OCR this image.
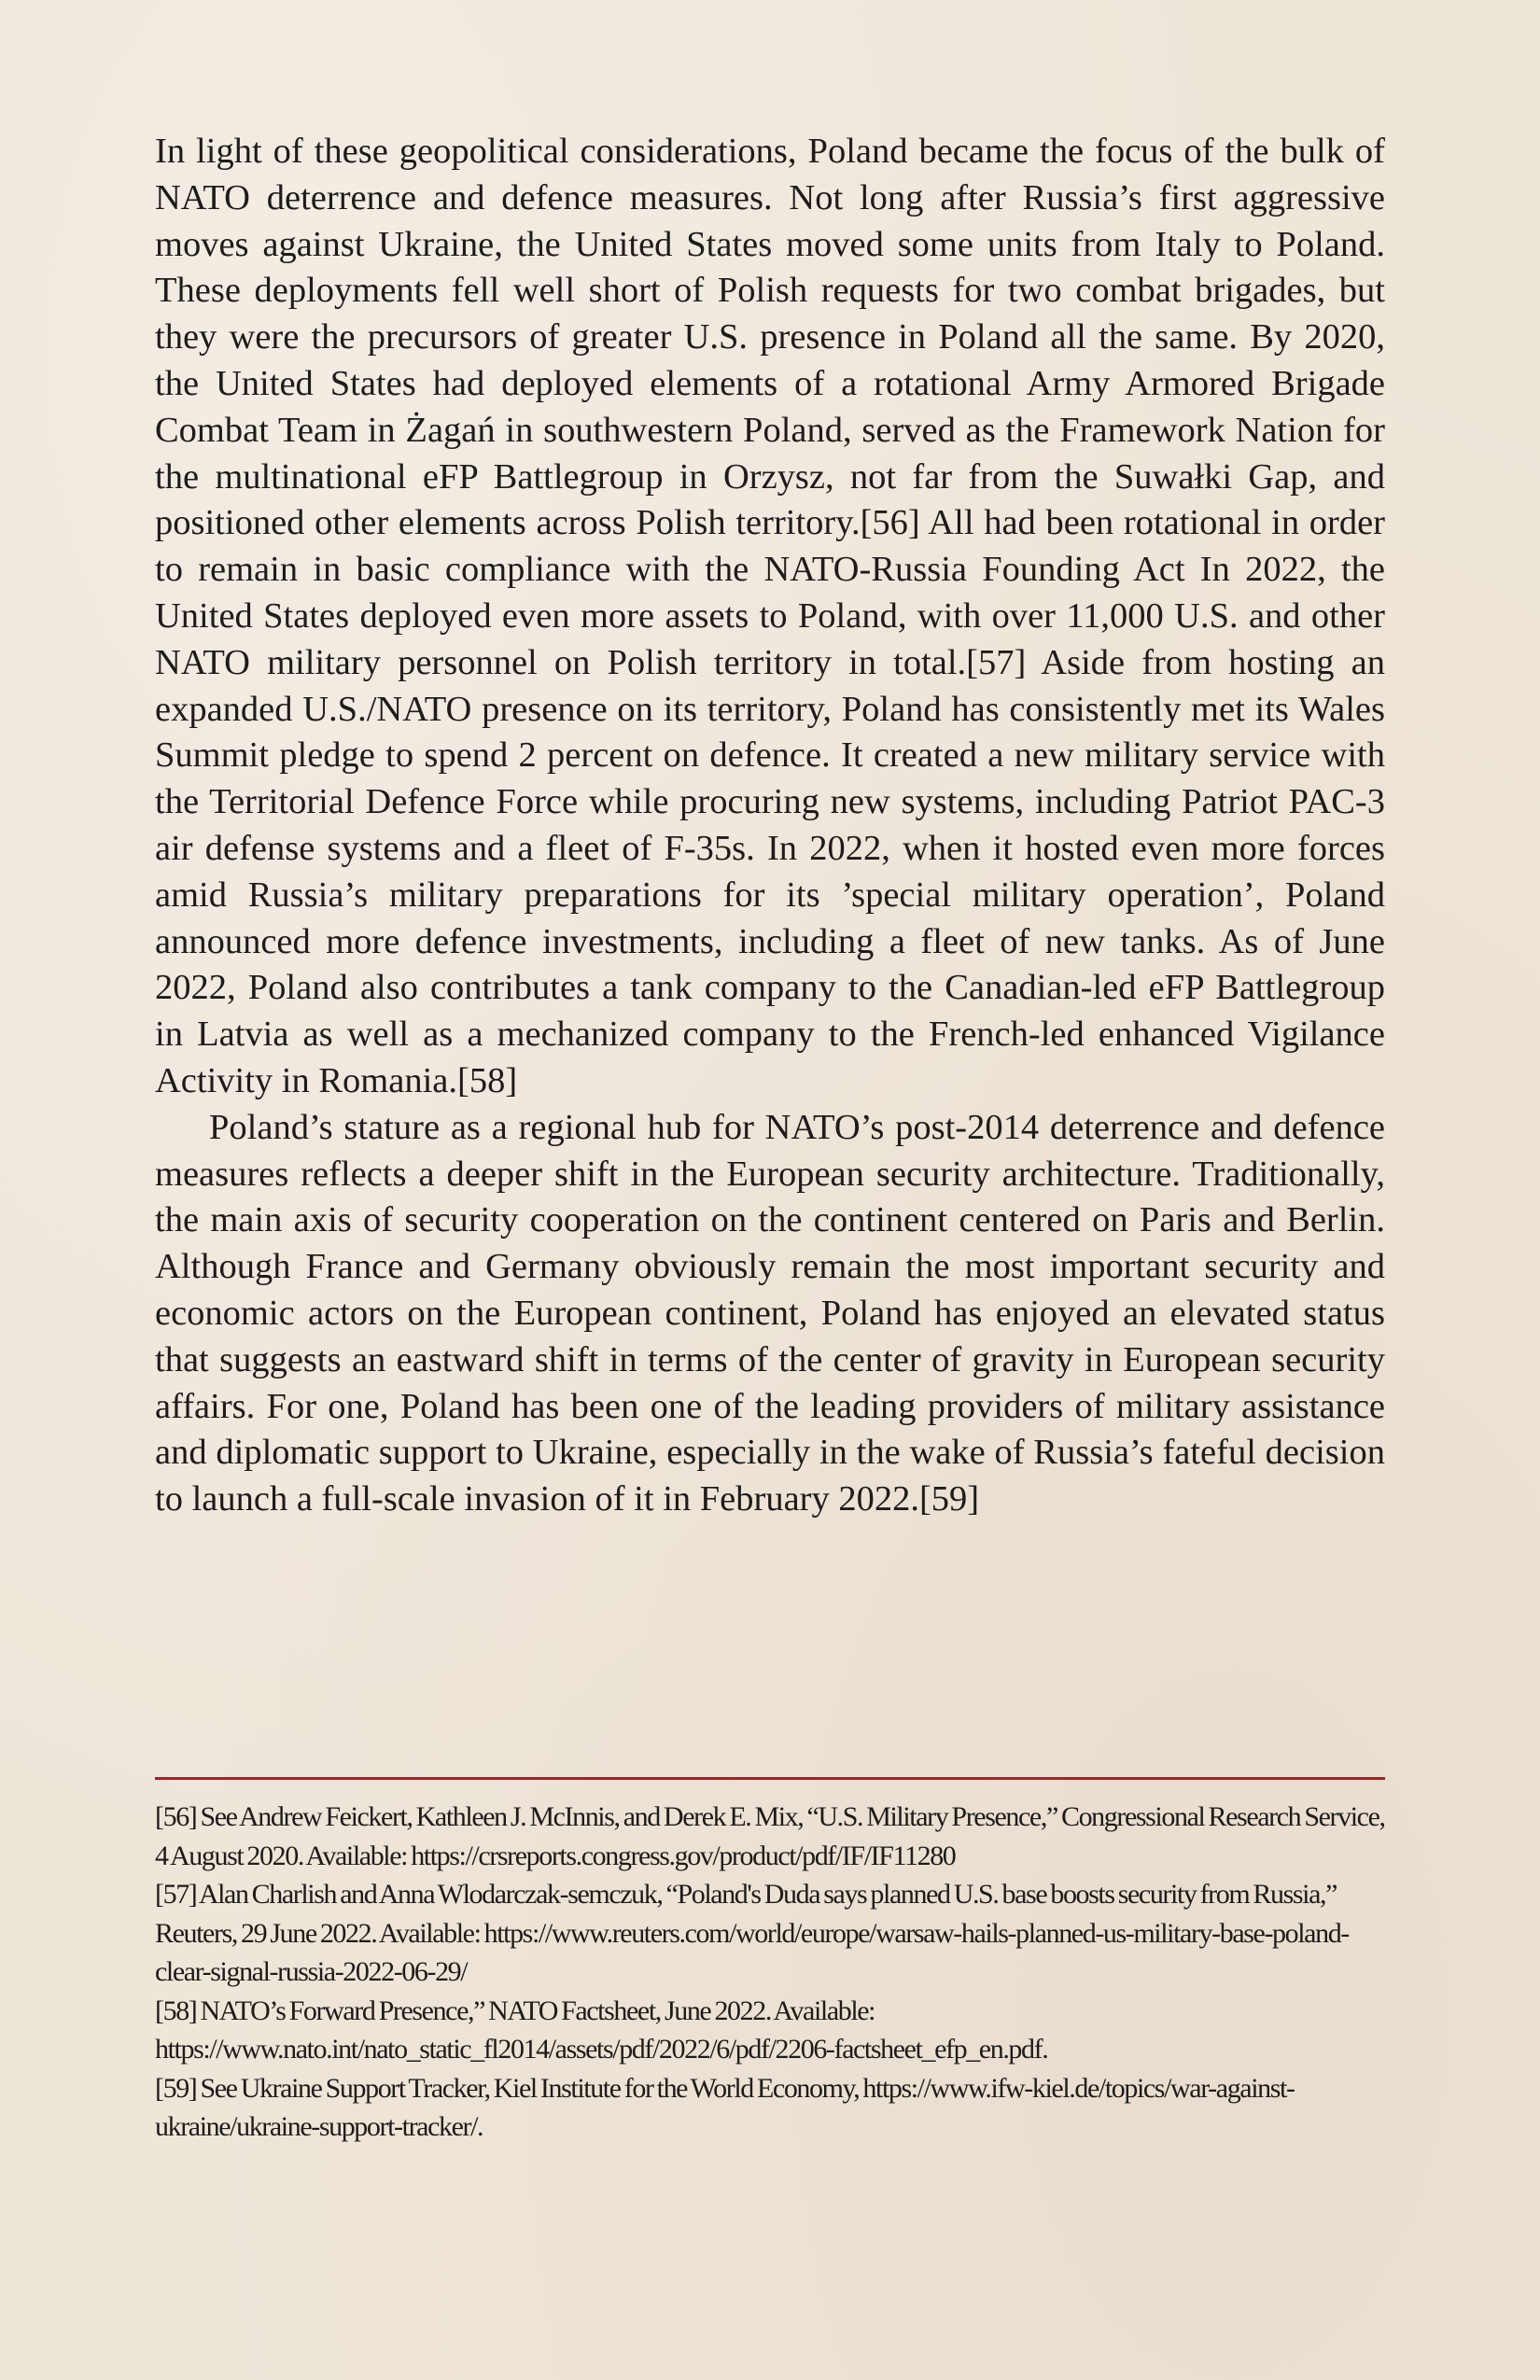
In light of these geopolitical considerations, Poland became the focus of the bulk of NATO deterrence and defence measures. Not long after Russia’s first aggressive moves against Ukraine, the United States moved some units from Italy to Poland. These deployments fell well short of Polish requests for two combat brigades, but they were the precursors of greater U.S. presence in Poland all the same. By 2020, the United States had deployed elements of a rotational Army Armored Brigade Combat Team in Żagań in southwestern Poland, served as the Framework Nation for the multinational eFP Battlegroup in Orzysz, not far from the Suwałki Gap, and positioned other elements across Polish territory.[56] All had been rotational in order to remain in basic compliance with the NATO-Russia Founding Act In 2022, the United States deployed even more assets to Poland, with over 11,000 U.S. and other NATO military personnel on Polish territory in total.[57] Aside from hosting an expanded U.S./NATO presence on its territory, Poland has consistently met its Wales Summit pledge to spend 2 percent on defence. It created a new military service with the Territorial Defence Force while procuring new systems, including Patriot PAC-3 air defense systems and a fleet of F-35s. In 2022, when it hosted even more forces amid Russia’s military preparations for its ’special military operation’, Poland announced more defence investments, including a fleet of new tanks. As of June 2022, Poland also contributes a tank company to the Canadian-led eFP Battlegroup in Latvia as well as a mechanized company to the French-led enhanced Vigilance Activity in Romania.[58]

Poland’s stature as a regional hub for NATO’s post-2014 deterrence and defence measures reflects a deeper shift in the European security architecture. Traditionally, the main axis of security cooperation on the continent centered on Paris and Berlin. Although France and Germany obviously remain the most important security and economic actors on the European continent, Poland has enjoyed an elevated status that suggests an eastward shift in terms of the center of gravity in European security affairs. For one, Poland has been one of the leading providers of military assistance and diplomatic support to Ukraine, especially in the wake of Russia’s fateful decision to launch a full-scale invasion of it in February 2022.[59]

[56] See Andrew Feickert, Kathleen J. McInnis, and Derek E. Mix, “U.S. Military Presence,” Congressional Research Service, 4 August 2020. Available: https://crsreports.congress.gov/product/pdf/IF/IF11280

[57] Alan Charlish and Anna Wlodarczak-semczuk, “Poland's Duda says planned U.S. base boosts security from Russia,” Reuters, 29 June 2022. Available: https://www.reuters.com/world/europe/warsaw-hails-planned-us-military-base-poland-clear-signal-russia-2022-06-29/

[58] NATO’s Forward Presence,” NATO Factsheet, June 2022. Available: https://www.nato.int/nato_static_fl2014/assets/pdf/2022/6/pdf/2206-factsheet_efp_en.pdf.

[59] See Ukraine Support Tracker, Kiel Institute for the World Economy, https://www.ifw-kiel.de/topics/war-against-ukraine/ukraine-support-tracker/.
